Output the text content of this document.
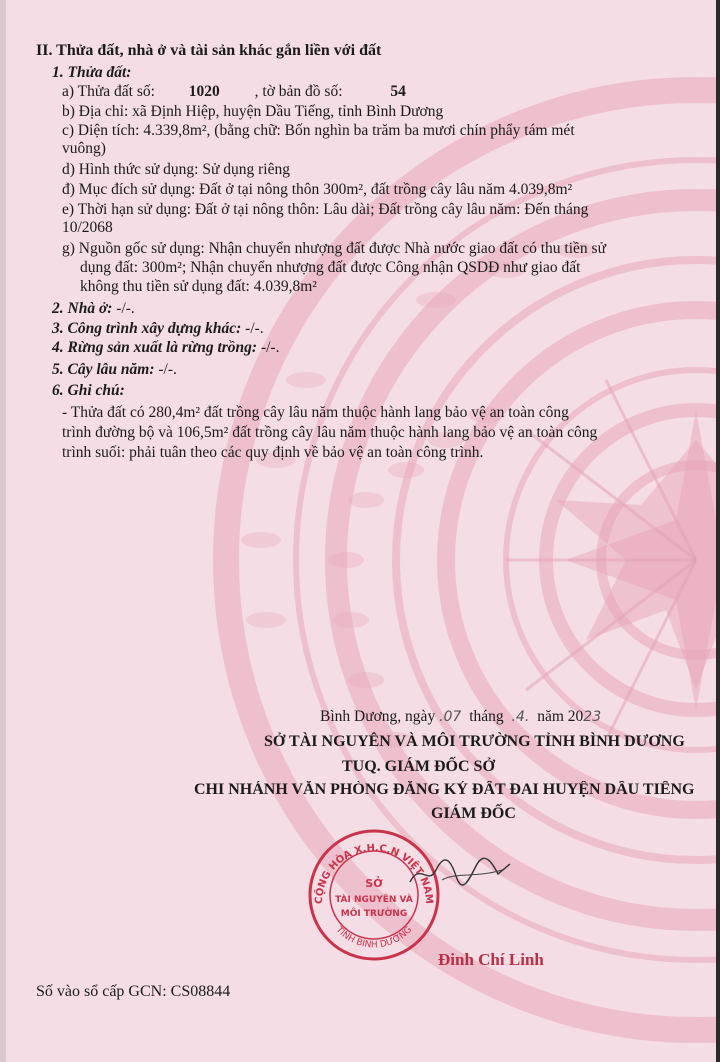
II. Thửa đất, nhà ở và tài sản khác gắn liền với đất
1. Thửa đất:
a) Thửa đất số: 1020 , tờ bản đồ số:	54
b) Địa chỉ: xã Định Hiệp, huyện Dầu Tiếng, tỉnh Bình Dương
c) Diện tích: 4.339,8m², (bằng chữ: Bốn nghìn ba trăm ba mươi chín phẩy tám mét
vuông)
d) Hình thức sử dụng: Sử dụng riêng
đ) Mục đích sử dụng: Đất ở tại nông thôn 300m², đất trồng cây lâu năm 4.039,8m²
e) Thời hạn sử dụng: Đất ở tại nông thôn: Lâu dài; Đất trồng cây lâu năm: Đến tháng
10/2068
g) Nguồn gốc sử dụng: Nhận chuyển nhượng đất được Nhà nước giao đất có thu tiền sử
dụng đất: 300m²; Nhận chuyển nhượng đất được Công nhận QSDĐ như giao đất
không thu tiền sử dụng đất: 4.039,8m²
2. Nhà ở: -/-.
3. Công trình xây dựng khác: -/-.
4. Rừng sản xuất là rừng trồng: -/-.
5. Cây lâu năm: -/-.
6. Ghi chú:
- Thửa đất có 280,4m² đất trồng cây lâu năm thuộc hành lang bảo vệ an toàn công
trình đường bộ và 106,5m² đất trồng cây lâu năm thuộc hành lang bảo vệ an toàn công
trình suối: phải tuân theo các quy định về bảo vệ an toàn công trình.
Bình Dương, ngày .07 tháng .4. năm 2023
SỞ TÀI NGUYÊN VÀ MÔI TRƯỜNG TỈNH BÌNH DƯƠNG
TUQ. GIÁM ĐỐC SỞ
CHI NHÁNH VĂN PHÒNG ĐĂNG KÝ ĐẤT ĐAI HUYỆN DẦU TIẾNG
GIÁM ĐỐC
CỘNG HÒA X.H.C.N VIỆT NAM
TỈNH BÌNH DƯƠNG
SỞ
TÀI NGUYÊN VÀ
MÔI TRƯỜNG
Đinh Chí Linh
Số vào sổ cấp GCN: CS08844
